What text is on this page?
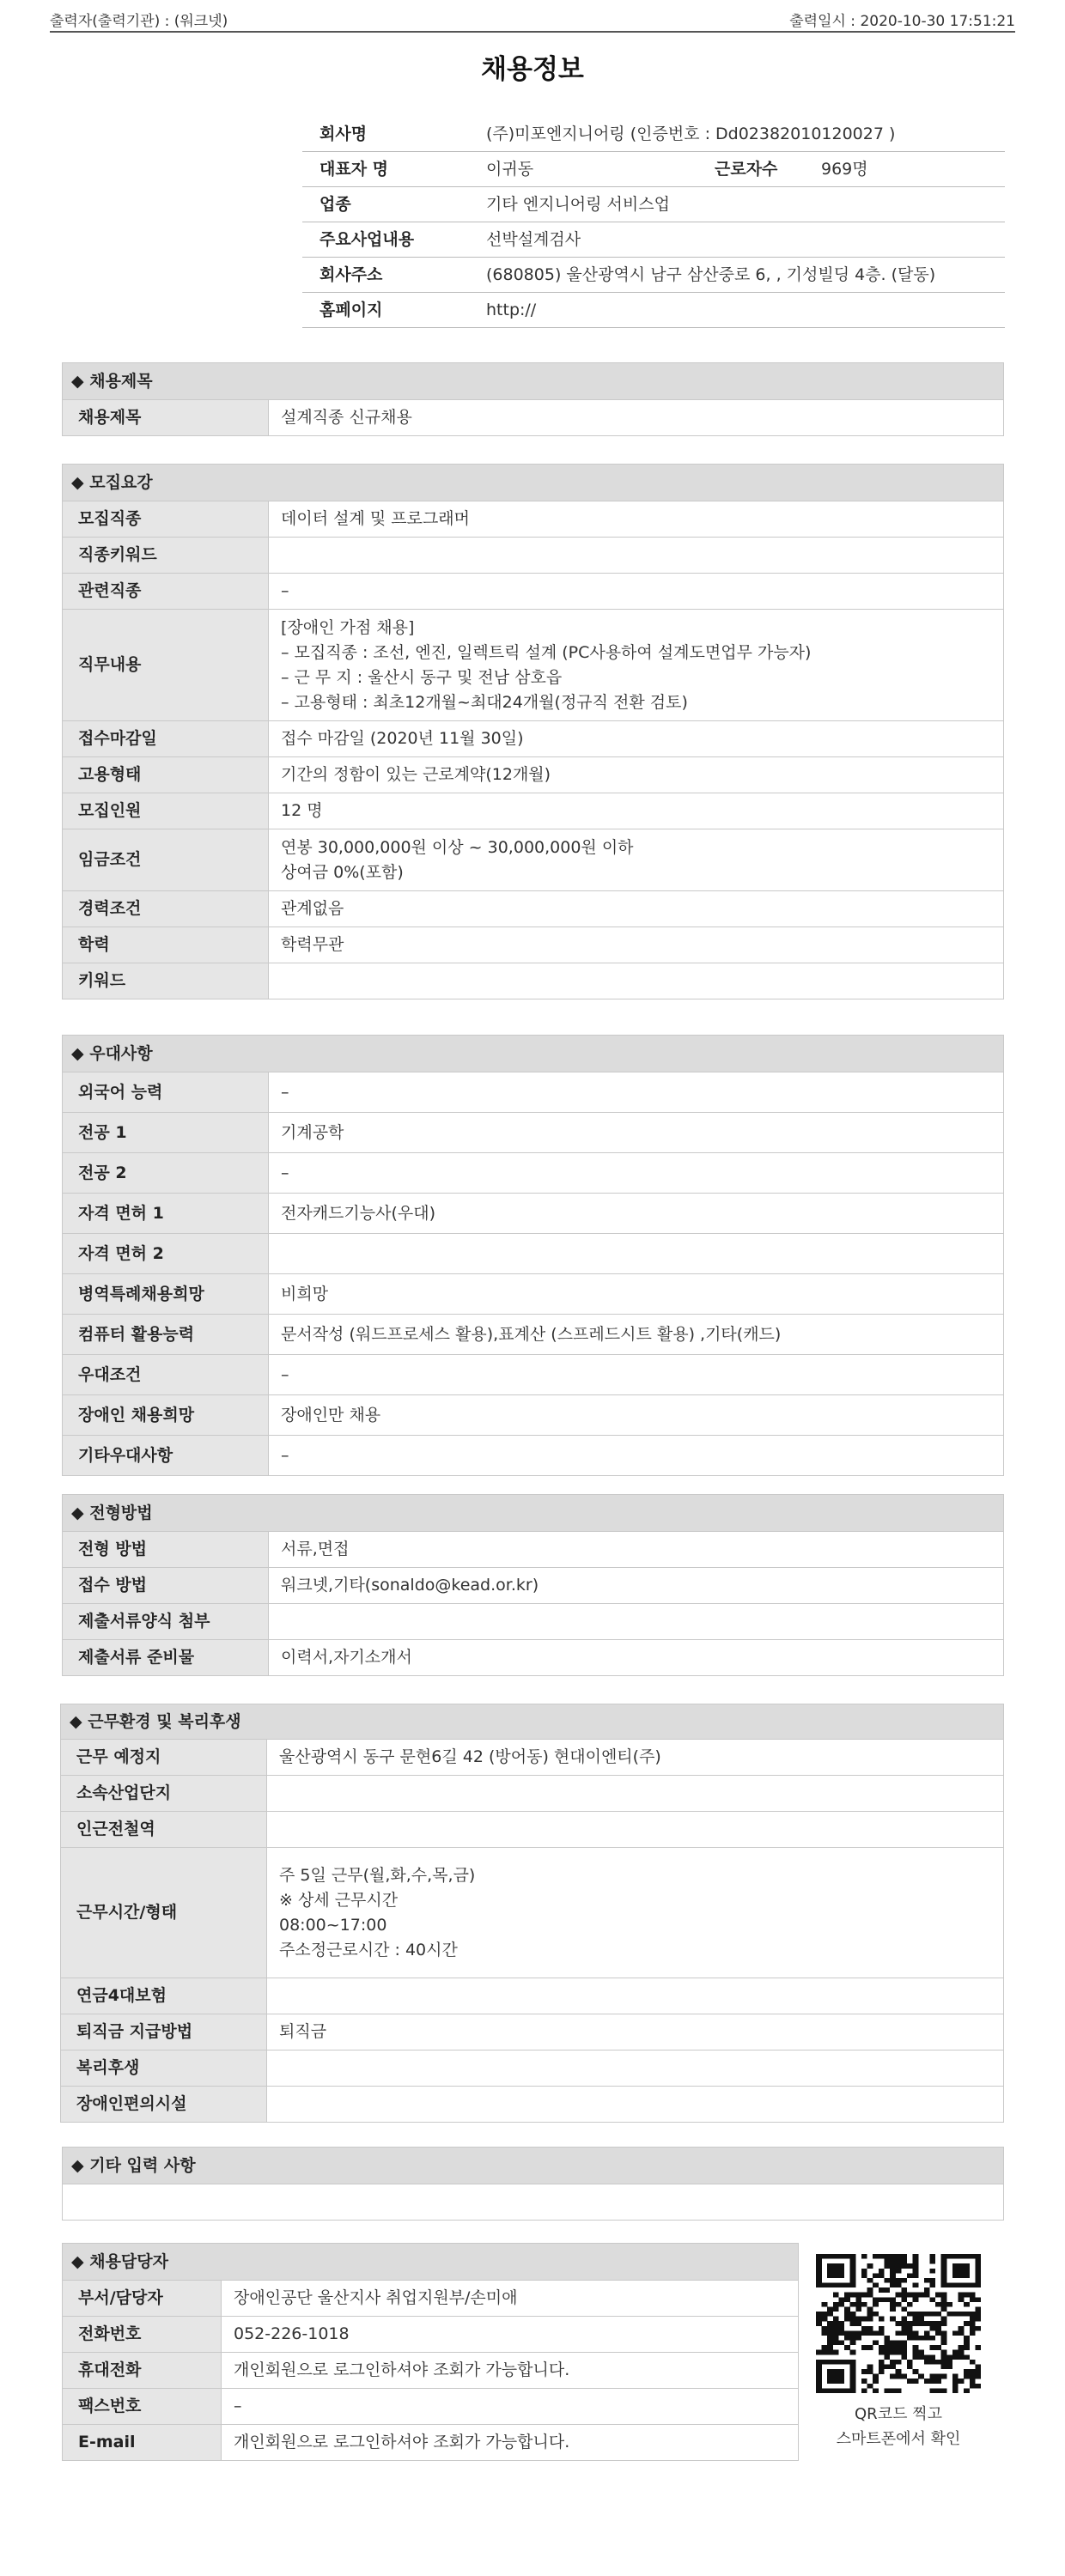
출력자(출력기관) : (워크넷)	출력일시 : 2020-10-30 17:51:21
채용정보
회사명	(주)미포엔지니어링 (인증번호 : Dd02382010120027 )		
대표자 명	이귀동	근로자수	969명
업종	기타 엔지니어링 서비스업		
주요사업내용	선박설계검사		
회사주소	(680805) 울산광역시 남구 삼산중로 6, , 기성빌딩 4층. (달동)		
홈페이지	http://		
◆ 채용제목
채용제목	설계직종 신규채용
◆ 모집요강	
모집직종	데이터 설계 및 프로그래머
직종키워드	
관련직종	–
직무내용	[장애인 가점 채용]
– 모집직종 : 조선, 엔진, 일렉트릭 설계 (PC사용하여 설계도면업무 가능자)
– 근 무 지 : 울산시 동구 및 전남 삼호읍
– 고용형태 : 최초12개월~최대24개월(정규직 전환 검토)

접수마감일	접수 마감일 (2020년 11월 30일)
고용형태	기간의 정함이 있는 근로계약(12개월)
모집인원	12 명
임금조건	연봉 30,000,000원 이상 ~ 30,000,000원 이하
상여금 0%(포함)

경력조건	관계없음
학력	학력무관
키워드	
◆ 우대사항	
외국어 능력	–
전공 1	기계공학
전공 2	–
자격 면허 1	전자캐드기능사(우대)
자격 면허 2	
병역특례채용희망	비희망
컴퓨터 활용능력	문서작성 (워드프로세스 활용),표계산 (스프레드시트 활용) ,기타(캐드)
우대조건	–
장애인 채용희망	장애인만 채용
기타우대사항	–
◆ 전형방법	
전형 방법	서류,면접
접수 방법	워크넷,기타(sonaldo@kead.or.kr)
제출서류양식 첨부	
제출서류 준비물	이력서,자기소개서
◆ 근무환경 및 복리후생	
근무 예정지	울산광역시 동구 문현6길 42 (방어동) 현대이엔티(주)
소속산업단지	
인근전철역	
근무시간/형태	주 5일 근무(월,화,수,목,금)
※ 상세 근무시간
08:00~17:00
주소정근로시간 : 40시간

연금4대보험	
퇴직금 지급방법	퇴직금
복리후생	
장애인편의시설	
◆ 기타 입력 사항

◆ 채용담당자	
부서/담당자	장애인공단 울산지사 취업지원부/손미애
전화번호	052-226-1018
휴대전화	개인회원으로 로그인하셔야 조회가 가능합니다.
팩스번호	–
E-mail	개인회원으로 로그인하셔야 조회가 가능합니다.
QR코드 찍고
스마트폰에서 확인
